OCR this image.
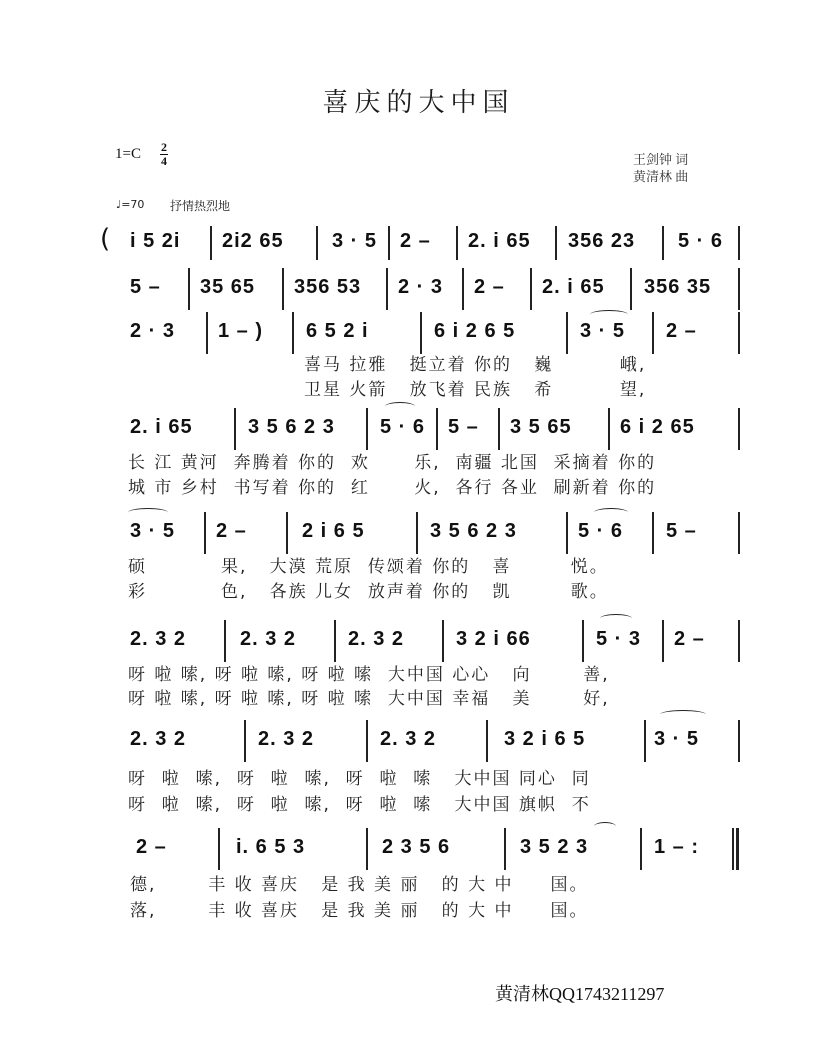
喜庆的大中国
1=C 2
4	王剑钟 词
黄清林 曲
♩=70 抒情热烈地
( i 5 2i 2i2 65 3 · 5 2 – 2. i 65 356 23 5 · 6
5 – 35 65 356 53 2 · 3 2 – 2. i 65 356 35
2 · 3 1 – ) 6 5 2 i	6 i 2 6 5	3 · 5 2 –
喜马 拉雅   挺立着 你的   巍         峨,
卫星 火箭   放飞着 民族   希         望,
2. i 65	3 5 6 2 3 5 · 6 5 – 3 5 65 6 i 2 65
长 江 黄河  奔腾着 你的  欢      乐,  南疆 北国  采摘着 你的
城 市 乡村  书写着 你的  红      火,  各行 各业  刷新着 你的
3 · 5 2 –	2 i 6 5	3 5 6 2 3	5 · 6 5 –
硕          果,   大漠 荒原  传颂着 你的   喜        悦。
彩          色,   各族 儿女  放声着 你的   凯        歌。
2. 3 2	2. 3 2	2. 3 2	3 2 i 66	5 · 3 2 –
呀 啦 嗦, 呀 啦 嗦, 呀 啦 嗦  大中国 心心   向       善,
呀 啦 嗦, 呀 啦 嗦, 呀 啦 嗦  大中国 幸福   美       好,
2. 3 2	2. 3 2	2. 3 2	3 2 i 6 5	3 · 5
呀  啦  嗦,  呀  啦  嗦,  呀  啦  嗦   大中国 同心  同
呀  啦  嗦,  呀  啦  嗦,  呀  啦  嗦   大中国 旗帜  不
2 –	i. 6 5 3	2 3 5 6	3 5 2 3	1 – :
德,       丰 收 喜庆   是 我 美 丽   的 大 中     国。
落,       丰 收 喜庆   是 我 美 丽   的 大 中     国。
黄清林QQ1743211297
